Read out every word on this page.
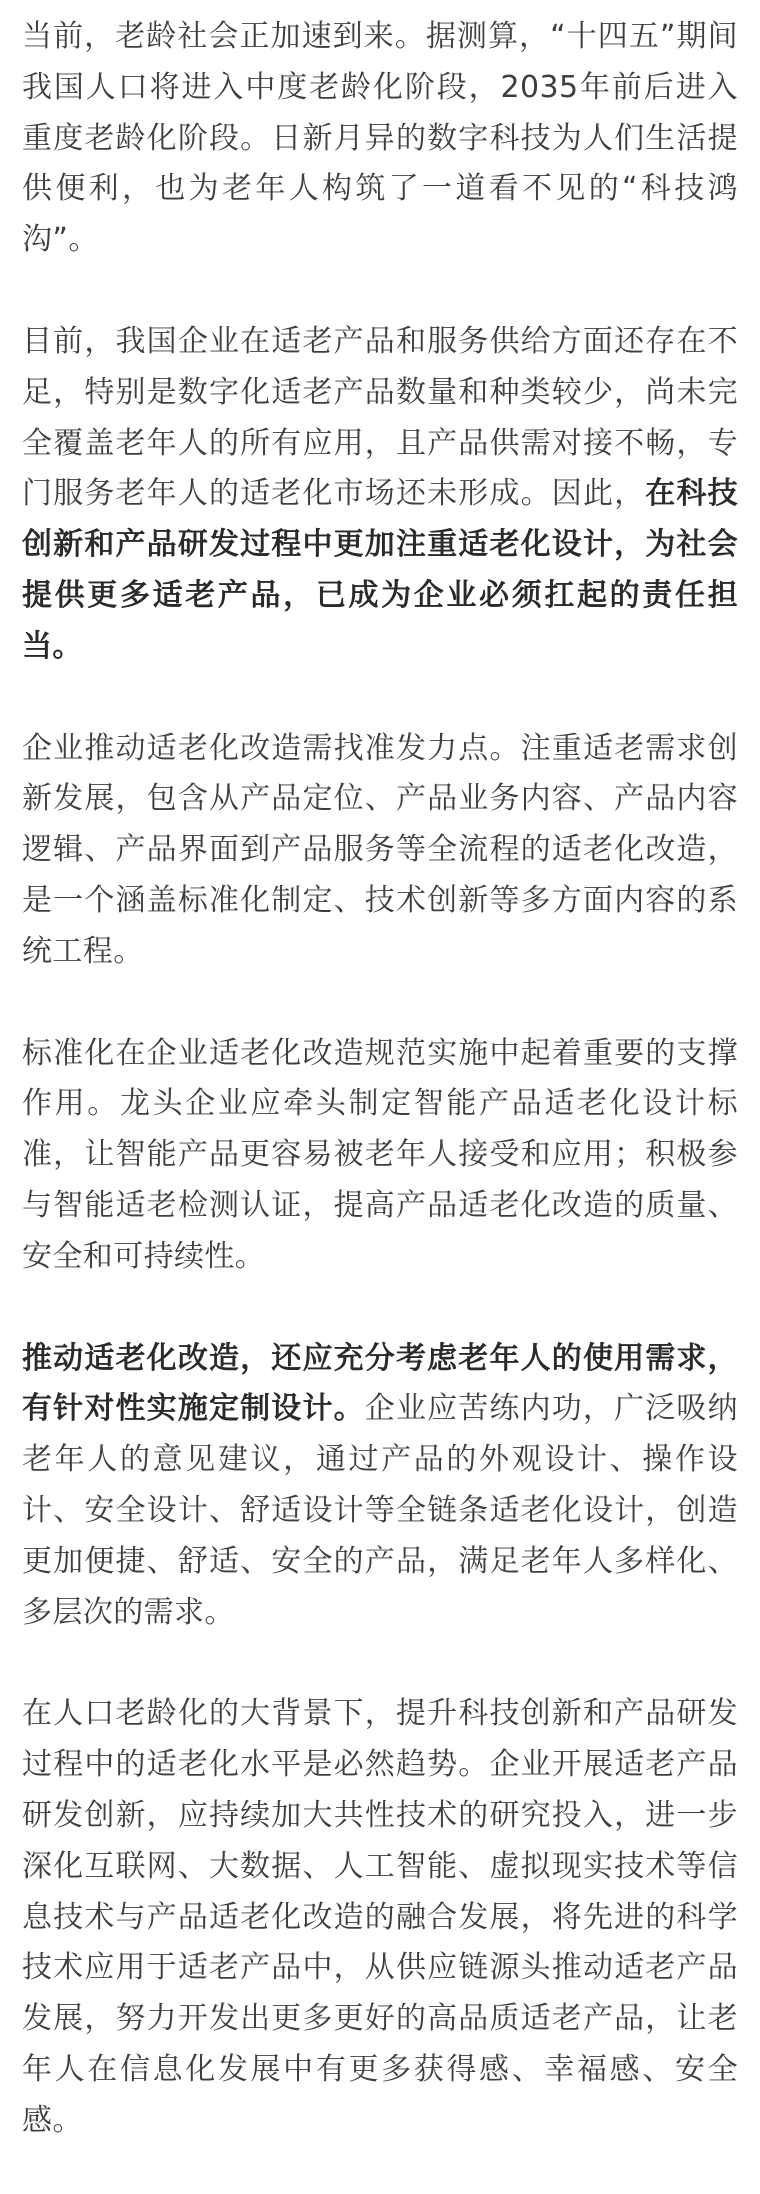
当前，老龄社会正加速到来。据测算，“十四五”期间我国人口将进入中度老龄化阶段，2035年前后进入重度老龄化阶段。日新月异的数字科技为人们生活提供便利，也为老年人构筑了一道看不见的“科技鸿沟”。

目前，我国企业在适老产品和服务供给方面还存在不足，特别是数字化适老产品数量和种类较少，尚未完全覆盖老年人的所有应用，且产品供需对接不畅，专门服务老年人的适老化市场还未形成。因此，在科技创新和产品研发过程中更加注重适老化设计，为社会提供更多适老产品，已成为企业必须扛起的责任担当。

企业推动适老化改造需找准发力点。注重适老需求创新发展，包含从产品定位、产品业务内容、产品内容逻辑、产品界面到产品服务等全流程的适老化改造，是一个涵盖标准化制定、技术创新等多方面内容的系统工程。

标准化在企业适老化改造规范实施中起着重要的支撑作用。龙头企业应牵头制定智能产品适老化设计标准，让智能产品更容易被老年人接受和应用；积极参与智能适老检测认证，提高产品适老化改造的质量、安全和可持续性。

推动适老化改造，还应充分考虑老年人的使用需求，有针对性实施定制设计。企业应苦练内功，广泛吸纳老年人的意见建议，通过产品的外观设计、操作设计、安全设计、舒适设计等全链条适老化设计，创造更加便捷、舒适、安全的产品，满足老年人多样化、多层次的需求。

在人口老龄化的大背景下，提升科技创新和产品研发过程中的适老化水平是必然趋势。企业开展适老产品研发创新，应持续加大共性技术的研究投入，进一步深化互联网、大数据、人工智能、虚拟现实技术等信息技术与产品适老化改造的融合发展，将先进的科学技术应用于适老产品中，从供应链源头推动适老产品发展，努力开发出更多更好的高品质适老产品，让老年人在信息化发展中有更多获得感、幸福感、安全感。
